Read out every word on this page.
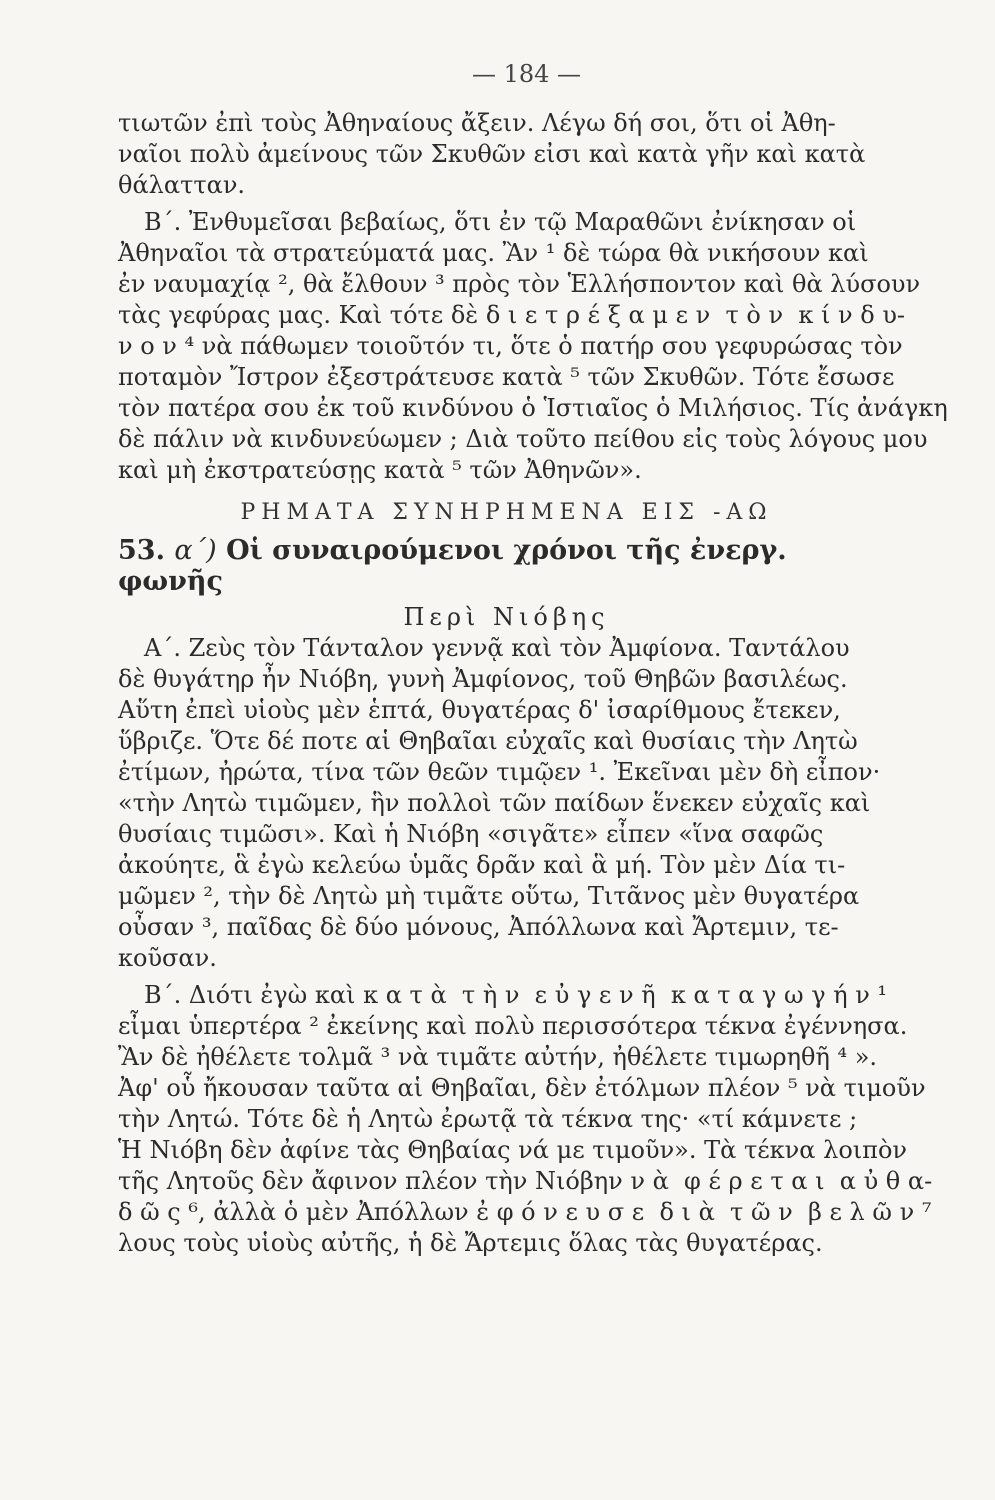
— 184 —

τιωτῶν ἐπὶ τοὺς Ἀθηναίους ἄξειν. Λέγω δή σοι, ὅτι οἱ Ἀθη-

ναῖοι πολὺ ἀμείνους τῶν Σκυθῶν εἰσι καὶ κατὰ γῆν καὶ κατὰ

θάλατταν.

Β΄. Ἐνθυμεῖσαι βεβαίως, ὅτι ἐν τῷ Μαραθῶνι ἐνίκησαν οἱ

Ἀθηναῖοι τὰ στρατεύματά μας. Ἂν ¹ δὲ τώρα θὰ νικήσουν καὶ

ἐν ναυμαχίᾳ ², θὰ ἔλθουν ³ πρὸς τὸν Ἑλλήσποντον καὶ θὰ λύσουν

τὰς γεφύρας μας. Καὶ τότε δὲ δ ι ε τ ρ έ ξ α μ ε ν  τ ὸ ν  κ ί ν δ υ-

ν ο ν ⁴ νὰ πάθωμεν τοιοῦτόν τι, ὅτε ὁ πατήρ σου γεφυρώσας τὸν

ποταμὸν Ἴστρον ἐξεστράτευσε κατὰ ⁵ τῶν Σκυθῶν. Τότε ἔσωσε

τὸν πατέρα σου ἐκ τοῦ κινδύνου ὁ Ἱστιαῖος ὁ Μιλήσιος. Τίς ἀνάγκη

δὲ πάλιν νὰ κινδυνεύωμεν ; Διὰ τοῦτο πείθου εἰς τοὺς λόγους μου

καὶ μὴ ἐκστρατεύσῃς κατὰ ⁵ τῶν Ἀθηνῶν».

ΡΗΜΑΤΑ ΣΥΝΗΡΗΜΕΝΑ ΕΙΣ -ΑΩ
53. α΄) Οἱ συναιρούμενοι χρόνοι τῆς ἐνεργ. φωνῆς
Περὶ Νιόβης

Α΄. Ζεὺς τὸν Τάνταλον γεννᾷ καὶ τὸν Ἀμφίονα. Ταντάλου

δὲ θυγάτηρ ἦν Νιόβη, γυνὴ Ἀμφίονος, τοῦ Θηβῶν βασιλέως.

Αὕτη ἐπεὶ υἱοὺς μὲν ἑπτά, θυγατέρας δ' ἰσαρίθμους ἔτεκεν,

ὕβριζε. Ὅτε δέ ποτε αἱ Θηβαῖαι εὐχαῖς καὶ θυσίαις τὴν Λητὼ

ἐτίμων, ἠρώτα, τίνα τῶν θεῶν τιμῷεν ¹. Ἐκεῖναι μὲν δὴ εἶπον·

«τὴν Λητὼ τιμῶμεν, ἣν πολλοὶ τῶν παίδων ἕνεκεν εὐχαῖς καὶ

θυσίαις τιμῶσι». Καὶ ἡ Νιόβη «σιγᾶτε» εἶπεν «ἵνα σαφῶς

ἀκούητε, ἃ ἐγὼ κελεύω ὑμᾶς δρᾶν καὶ ἃ μή. Τὸν μὲν Δία τι-

μῶμεν ², τὴν δὲ Λητὼ μὴ τιμᾶτε οὕτω, Τιτᾶνος μὲν θυγατέρα

οὖσαν ³, παῖδας δὲ δύο μόνους, Ἀπόλλωνα καὶ Ἄρτεμιν, τε-

κοῦσαν.

Β΄. Διότι ἐγὼ καὶ κ α τ ὰ  τ ὴ ν  ε ὐ γ ε ν ῆ  κ α τ α γ ω γ ή ν ¹

εἶμαι ὑπερτέρα ² ἐκείνης καὶ πολὺ περισσότερα τέκνα ἐγέννησα.

Ἂν δὲ ἠθέλετε τολμᾶ ³ νὰ τιμᾶτε αὐτήν, ἠθέλετε τιμωρηθῆ ⁴ ».

Ἀφ' οὗ ἤκουσαν ταῦτα αἱ Θηβαῖαι, δὲν ἐτόλμων πλέον ⁵ νὰ τιμοῦν

τὴν Λητώ. Τότε δὲ ἡ Λητὼ ἐρωτᾷ τὰ τέκνα της· «τί κάμνετε ;

Ἡ Νιόβη δὲν ἀφίνε τὰς Θηβαίας νά με τιμοῦν». Τὰ τέκνα λοιπὸν

τῆς Λητοῦς δὲν ἄφινον πλέον τὴν Νιόβην ν ὰ  φ έ ρ ε τ α ι  α ὐ θ α-

δ ῶ ς ⁶, ἀλλὰ ὁ μὲν Ἀπόλλων ἐ φ ό ν ε υ σ ε  δ ι ὰ  τ ῶ ν  β ε λ ῶ ν ⁷

λους τοὺς υἱοὺς αὐτῆς, ἡ δὲ Ἄρτεμις ὅλας τὰς θυγατέρας.
